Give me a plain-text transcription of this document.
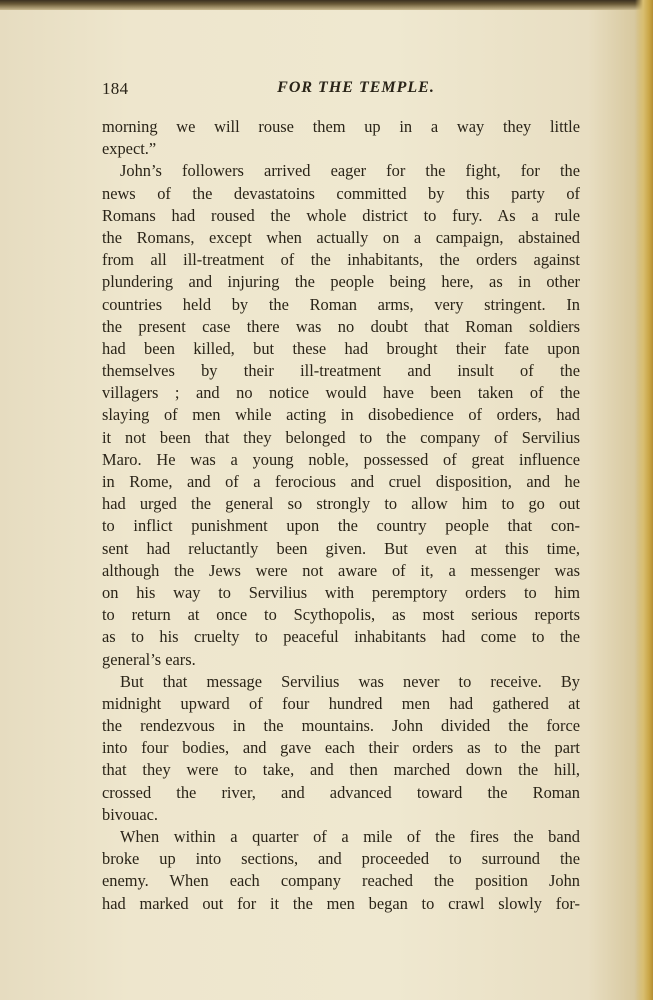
184	FOR THE TEMPLE.
morning we will rouse them up in a way they little
expect.”
John’s followers arrived eager for the fight, for the
news of the devastatoins committed by this party of
Romans had roused the whole district to fury. As a rule
the Romans, except when actually on a campaign, abstained
from all ill-treatment of the inhabitants, the orders against
plundering and injuring the people being here, as in other
countries held by the Roman arms, very stringent. In
the present case there was no doubt that Roman soldiers
had been killed, but these had brought their fate upon
themselves by their ill-treatment and insult of the
villagers ; and no notice would have been taken of the
slaying of men while acting in disobedience of orders, had
it not been that they belonged to the company of Servilius
Maro. He was a young noble, possessed of great influence
in Rome, and of a ferocious and cruel disposition, and he
had urged the general so strongly to allow him to go out
to inflict punishment upon the country people that con-
sent had reluctantly been given. But even at this time,
although the Jews were not aware of it, a messenger was
on his way to Servilius with peremptory orders to him
to return at once to Scythopolis, as most serious reports
as to his cruelty to peaceful inhabitants had come to the
general’s ears.
But that message Servilius was never to receive. By
midnight upward of four hundred men had gathered at
the rendezvous in the mountains. John divided the force
into four bodies, and gave each their orders as to the part
that they were to take, and then marched down the hill,
crossed the river, and advanced toward the Roman
bivouac.
When within a quarter of a mile of the fires the band
broke up into sections, and proceeded to surround the
enemy. When each company reached the position John
had marked out for it the men began to crawl slowly for-
